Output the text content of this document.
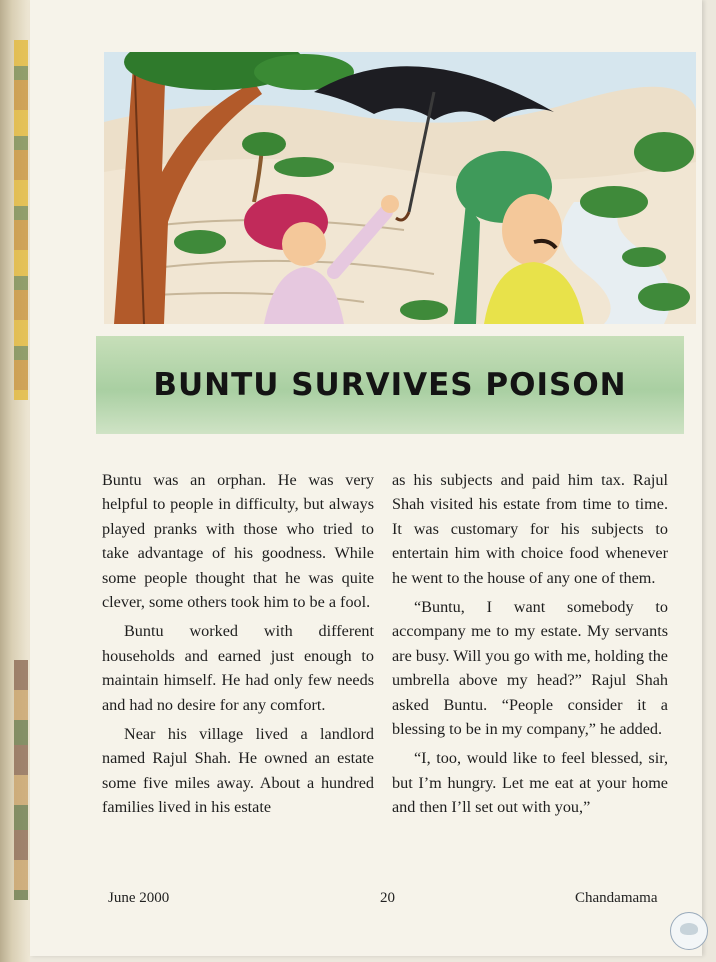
BUNTU SURVIVES POISON

Buntu was an orphan. He was very helpful to people in difficulty, but always played pranks with those who tried to take advantage of his goodness. While some people thought that he was quite clever, some others took him to be a fool.

Buntu worked with different households and earned just enough to maintain himself. He had only few needs and had no desire for any comfort.

Near his village lived a landlord named Rajul Shah. He owned an estate some five miles away. About a hundred families lived in his estate

as his subjects and paid him tax. Rajul Shah visited his estate from time to time. It was customary for his subjects to entertain him with choice food whenever he went to the house of any one of them.

“Buntu, I want somebody to accompany me to my estate. My servants are busy. Will you go with me, holding the umbrella above my head?” Rajul Shah asked Buntu. “People consider it a blessing to be in my company,” he added.

“I, too, would like to feel blessed, sir, but I’m hungry. Let me eat at your home and then I’ll set out with you,”

June 2000	20	Chandamama
